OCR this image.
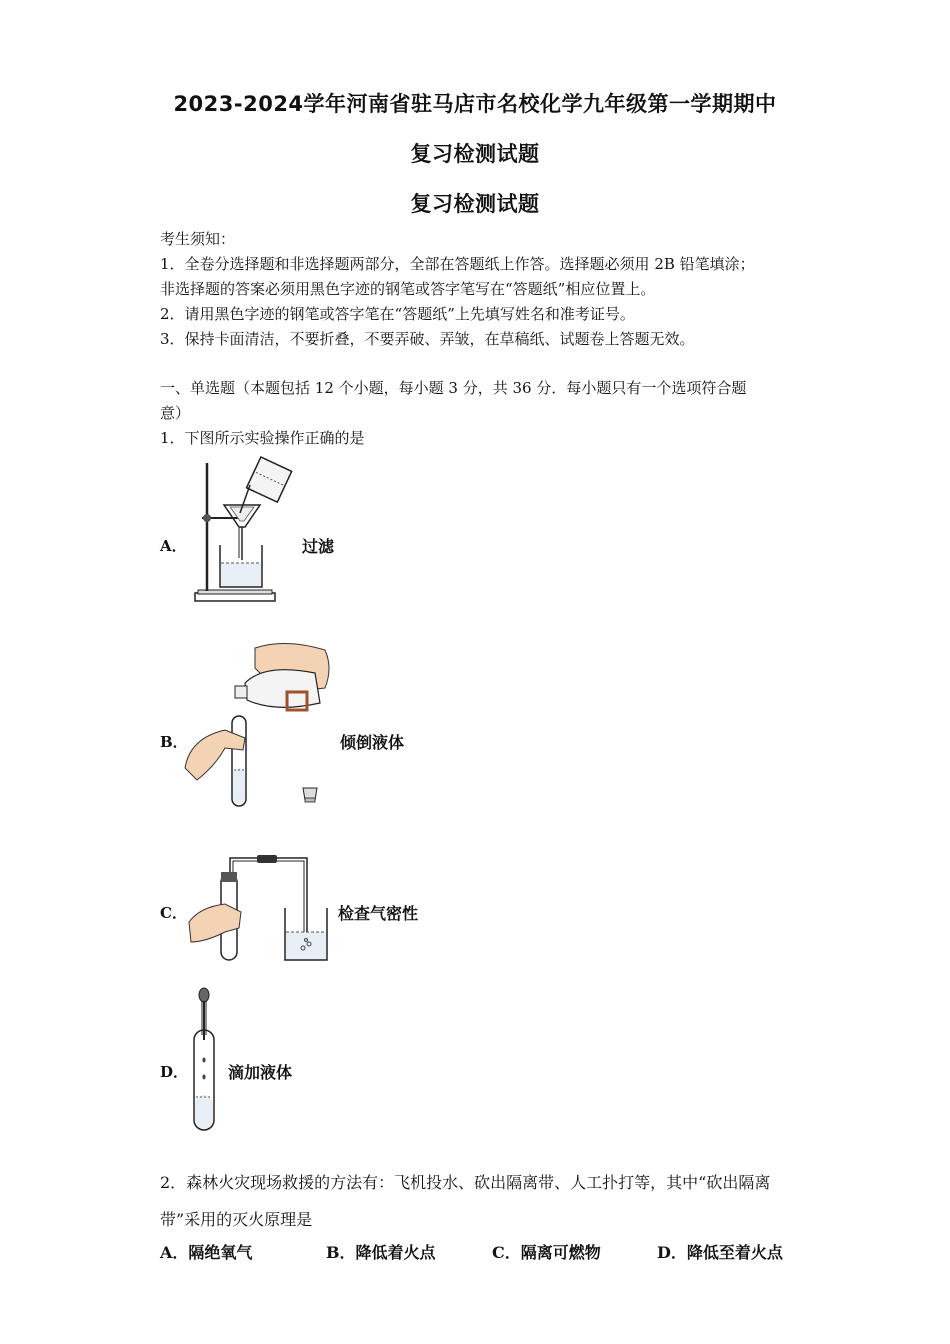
2023-2024学年河南省驻马店市名校化学九年级第一学期期中
复习检测试题
复习检测试题
考生须知：
1．全卷分选择题和非选择题两部分，全部在答题纸上作答。选择题必须用 2B 铅笔填涂；
非选择题的答案必须用黑色字迹的钢笔或答字笔写在“答题纸”相应位置上。
2．请用黑色字迹的钢笔或答字笔在“答题纸”上先填写姓名和准考证号。
3．保持卡面清洁，不要折叠，不要弄破、弄皱，在草稿纸、试题卷上答题无效。
一、单选题（本题包括 12 个小题，每小题 3 分，共 36 分．每小题只有一个选项符合题
意）
1．下图所示实验操作正确的是
A．	过滤
B．	倾倒液体
C．	检查气密性
D． 滴加液体
2．森林火灾现场救援的方法有：飞机投水、砍出隔离带、人工扑打等，其中“砍出隔离
带”采用的灭火原理是
A．隔绝氧气	B．降低着火点	C．隔离可燃物	D．降低至着火点
